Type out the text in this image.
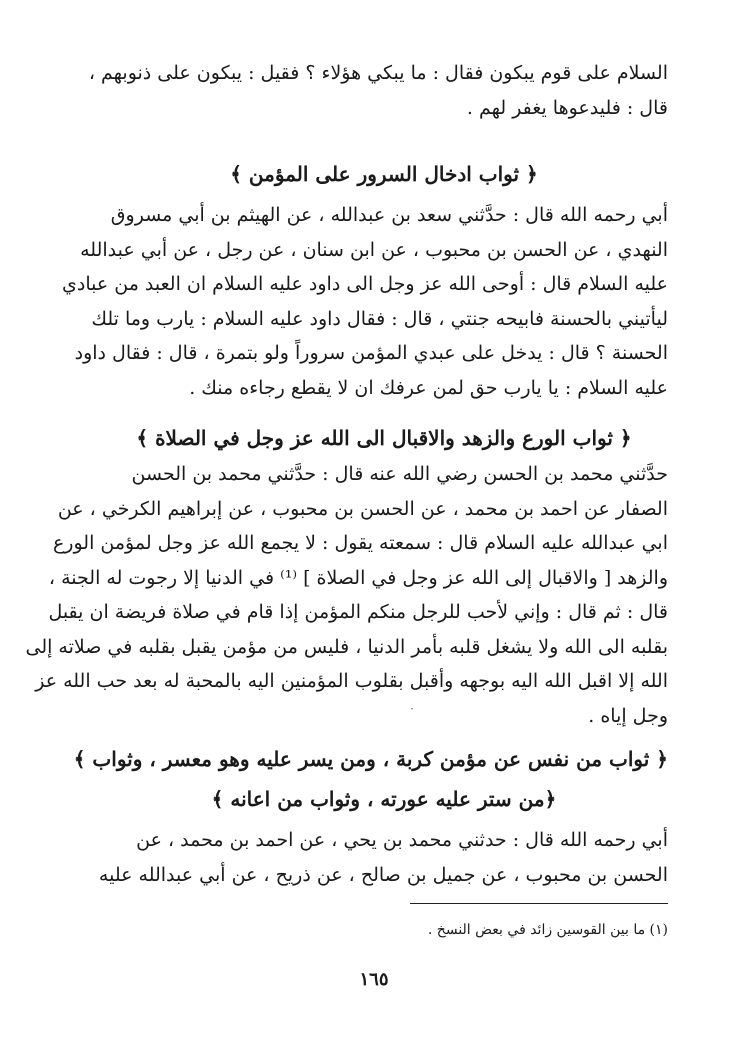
السلام على قوم يبكون فقال : ما يبكي هؤلاء ؟ فقيل : يبكون على ذنوبهم ،
قال : فليدعوها يغفر لهم .
﴿ ثواب ادخال السرور على المؤمن ﴾
أبي رحمه الله قال : حدَّثني سعد بن عبدالله ، عن الهيثم بن أبي مسروق
النهدي ، عن الحسن بن محبوب ، عن ابن سنان ، عن رجل ، عن أبي عبدالله
عليه السلام قال : أوحى الله عز وجل الى داود عليه السلام ان العبد من عبادي
ليأتيني بالحسنة فابيحه جنتي ، قال : فقال داود عليه السلام : يارب وما تلك
الحسنة ؟ قال : يدخل على عبدي المؤمن سروراً ولو بتمرة ، قال : فقال داود
عليه السلام : يا يارب حق لمن عرفك ان لا يقطع رجاءه منك .
﴿ ثواب الورع والزهد والاقبال الى الله عز وجل في الصلاة ﴾
حدَّثني محمد بن الحسن رضي الله عنه قال : حدَّثني محمد بن الحسن
الصفار عن احمد بن محمد ، عن الحسن بن محبوب ، عن إبراهيم الكرخي ، عن
ابي عبدالله عليه السلام قال : سمعته يقول : لا يجمع الله عز وجل لمؤمن الورع
والزهد [ والاقبال إلى الله عز وجل في الصلاة ] ⁽¹⁾ في الدنيا إلا رجوت له الجنة ،
قال : ثم قال : وإني لأحب للرجل منكم المؤمن إذا قام في صلاة فريضة ان يقبل
بقلبه الى الله ولا يشغل قلبه بأمر الدنيا ، فليس من مؤمن يقبل بقلبه في صلاته إلى
الله إلا اقبل الله اليه بوجهه وأقبل بقلوب المؤمنين اليه بالمحبة له بعد حب الله عز
وجل إياه .
·
﴿ ثواب من نفس عن مؤمن كربة ، ومن يسر عليه وهو معسر ، وثواب ﴾
﴿من ستر عليه عورته ، وثواب من اعانه ﴾
أبي رحمه الله قال : حدثني محمد بن يحي ، عن احمد بن محمد ، عن
الحسن بن محبوب ، عن جميل بن صالح ، عن ذريح ، عن أبي عبدالله عليه
(١) ما بين القوسين زائد في بعض النسخ .
١٦٥
